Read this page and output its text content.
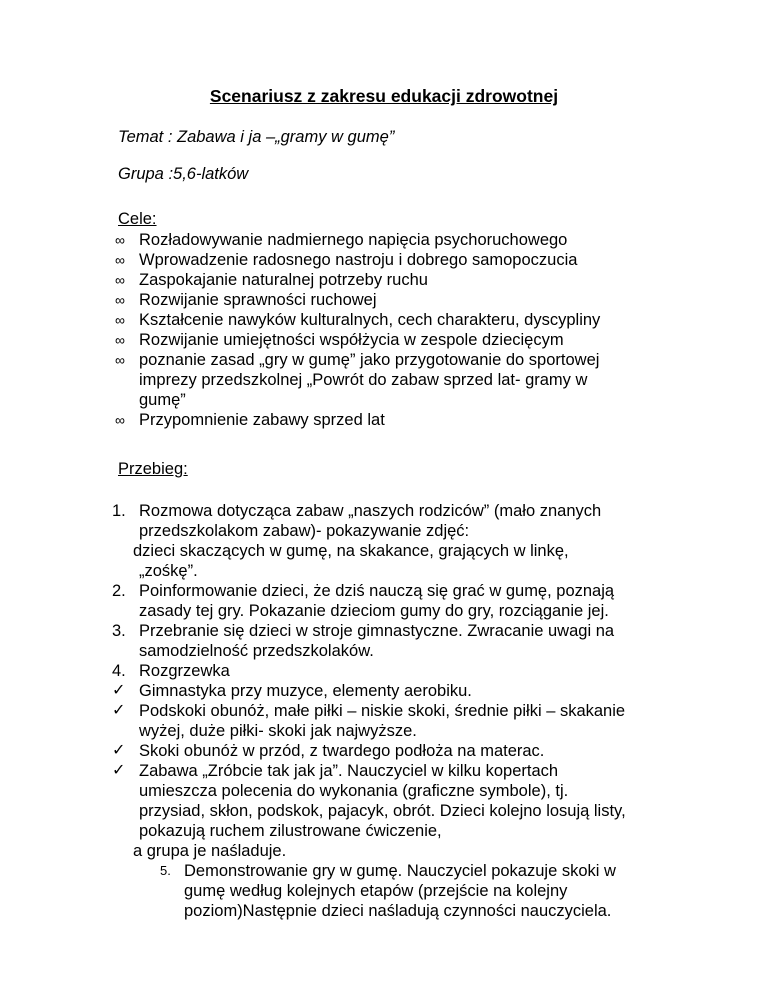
Scenariusz z zakresu edukacji zdrowotnej
Temat : Zabawa i ja –„gramy w gumę”
Grupa :5,6-latków
Cele:
∞ Rozładowywanie nadmiernego napięcia psychoruchowego
∞ Wprowadzenie radosnego nastroju i dobrego samopoczucia
∞ Zaspokajanie naturalnej potrzeby ruchu
∞ Rozwijanie sprawności ruchowej
∞ Kształcenie nawyków kulturalnych, cech charakteru, dyscypliny
∞ Rozwijanie umiejętności współżycia w zespole dziecięcym
∞ poznanie zasad „gry w gumę” jako przygotowanie do sportowej
imprezy przedszkolnej „Powrót do zabaw sprzed lat- gramy w
gumę”
∞ Przypomnienie zabawy sprzed lat
Przebieg:
1. Rozmowa dotycząca zabaw „naszych rodziców” (mało znanych
przedszkolakom zabaw)- pokazywanie zdjęć:
dzieci skaczących w gumę, na skakance, grających w linkę,
„zośkę”.
2. Poinformowanie dzieci, że dziś nauczą się grać w gumę, poznają
zasady tej gry. Pokazanie dzieciom gumy do gry, rozciąganie jej.
3. Przebranie się dzieci w stroje gimnastyczne. Zwracanie uwagi na
samodzielność przedszkolaków.
4. Rozgrzewka
✓ Gimnastyka przy muzyce, elementy aerobiku.
✓ Podskoki obunóż, małe piłki – niskie skoki, średnie piłki – skakanie
wyżej, duże piłki- skoki jak najwyższe.
✓ Skoki obunóż w przód, z twardego podłoża na materac.
✓ Zabawa „Zróbcie tak jak ja”. Nauczyciel w kilku kopertach
umieszcza polecenia do wykonania (graficzne symbole), tj.
przysiad, skłon, podskok, pajacyk, obrót. Dzieci kolejno losują listy,
pokazują ruchem zilustrowane ćwiczenie,
a grupa je naśladuje.
5. Demonstrowanie gry w gumę. Nauczyciel pokazuje skoki w
gumę według kolejnych etapów (przejście na kolejny
poziom)Następnie dzieci naśladują czynności nauczyciela.
